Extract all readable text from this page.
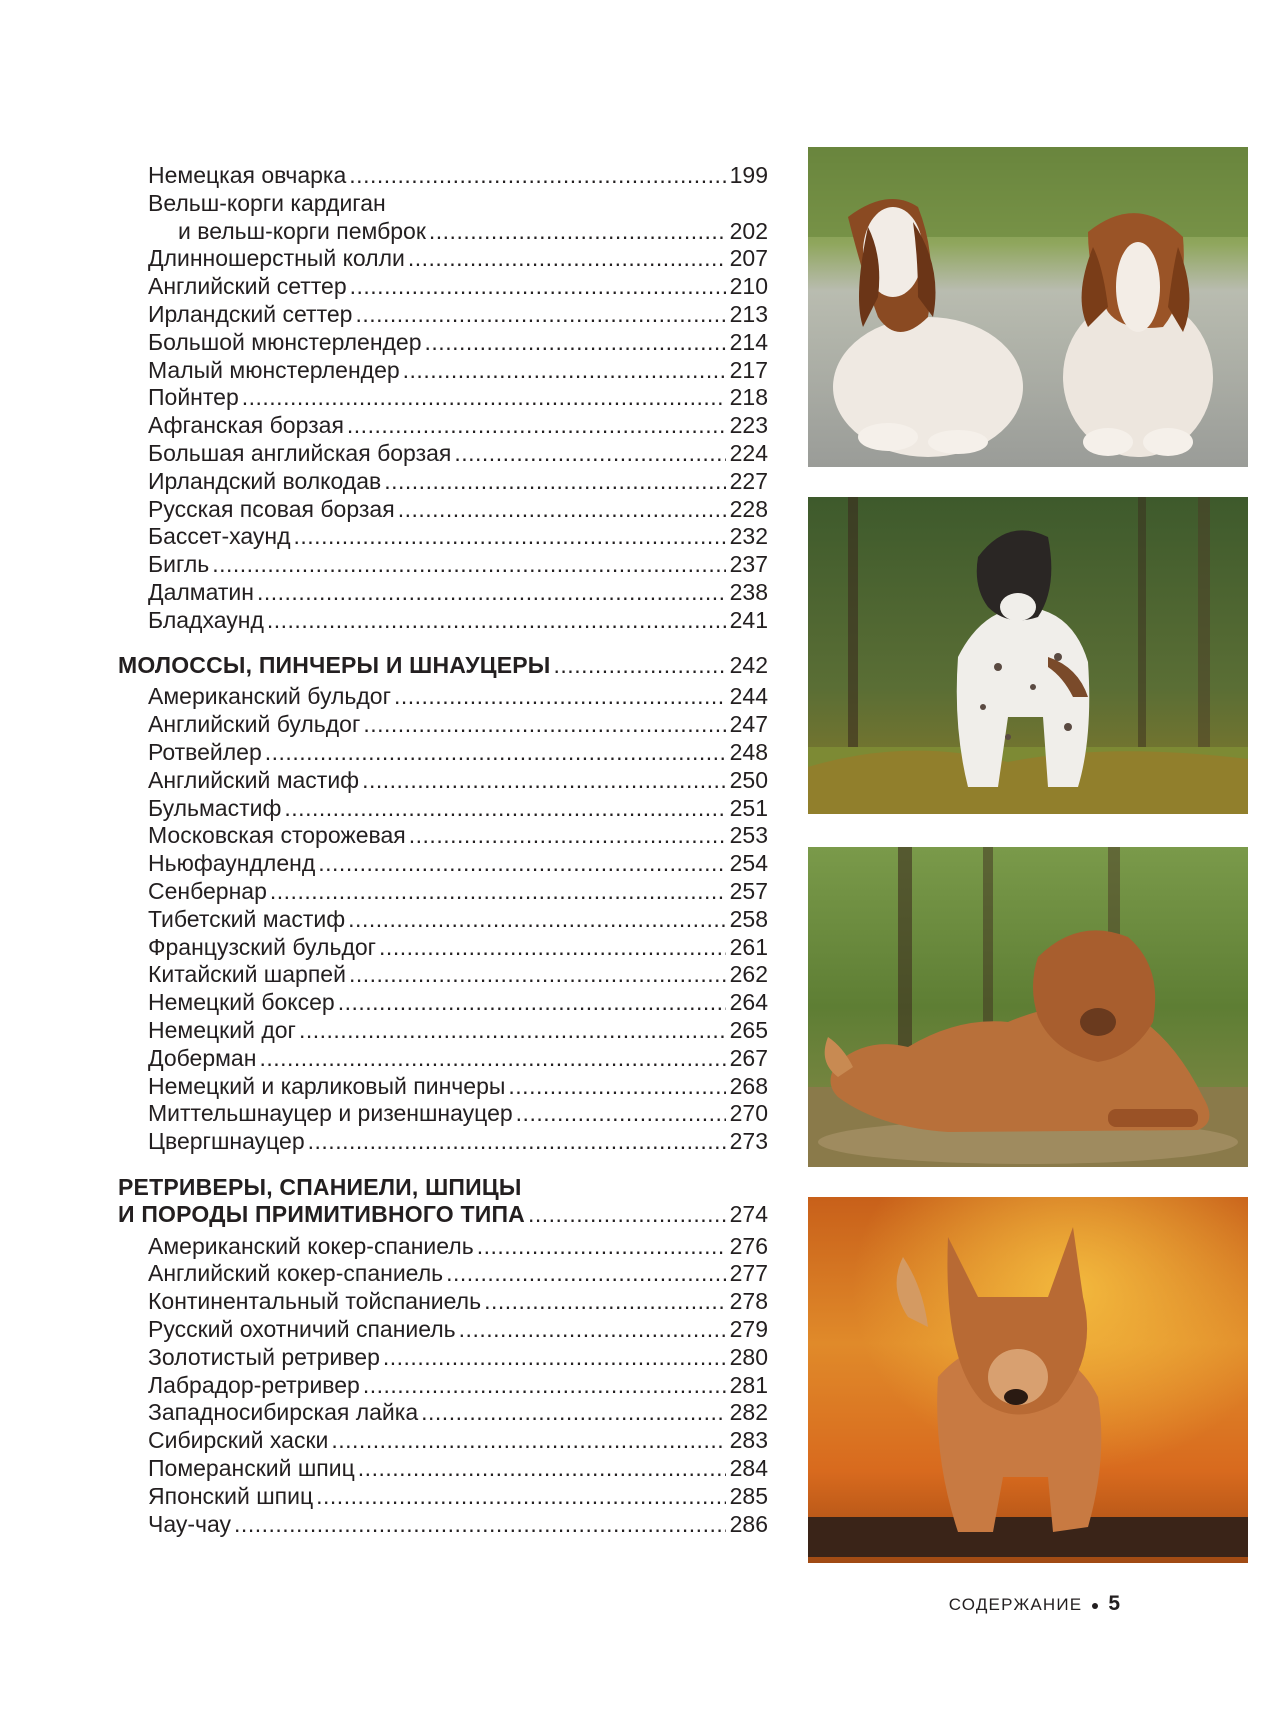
Немецкая овчарка .....	199
Вельш-корги кардиган
и вельш-корги пемброк .....	202
Длинношерстный колли .....	207
Английский сеттер .....	210
Ирландский сеттер .....	213
Большой мюнстерлендер .....	214
Малый мюнстерлендер .....	217
Пойнтер .....	218
Афганская борзая .....	223
Большая английская борзая .....	224
Ирландский волкодав .....	227
Русская псовая борзая .....	228
Бассет-хаунд .....	232
Бигль .....	237
Далматин .....	238
Бладхаунд .....	241
МОЛОССЫ, ПИНЧЕРЫ И ШНАУЦЕРЫ .....	242
Американский бульдог .....	244
Английский бульдог .....	247
Ротвейлер .....	248
Английский мастиф .....	250
Бульмастиф .....	251
Московская сторожевая .....	253
Ньюфаундленд .....	254
Сенбернар .....	257
Тибетский мастиф .....	258
Французский бульдог .....	261
Китайский шарпей .....	262
Немецкий боксер .....	264
Немецкий дог .....	265
Доберман .....	267
Немецкий и карликовый пинчеры .....	268
Миттельшнауцер и ризеншнауцер .....	270
Цвергшнауцер .....	273
РЕТРИВЕРЫ, СПАНИЕЛИ, ШПИЦЫ
И ПОРОДЫ ПРИМИТИВНОГО ТИПА .....	274
Американский кокер-спаниель .....	276
Английский кокер-спаниель .....	277
Континентальный тойспаниель .....	278
Русский охотничий спаниель .....	279
Золотистый ретривер .....	280
Лабрадор-ретривер .....	281
Западносибирская лайка .....	282
Сибирский хаски .....	283
Померанский шпиц .....	284
Японский шпиц .....	285
Чау-чау .....	286
СОДЕРЖАНИЕ 5
